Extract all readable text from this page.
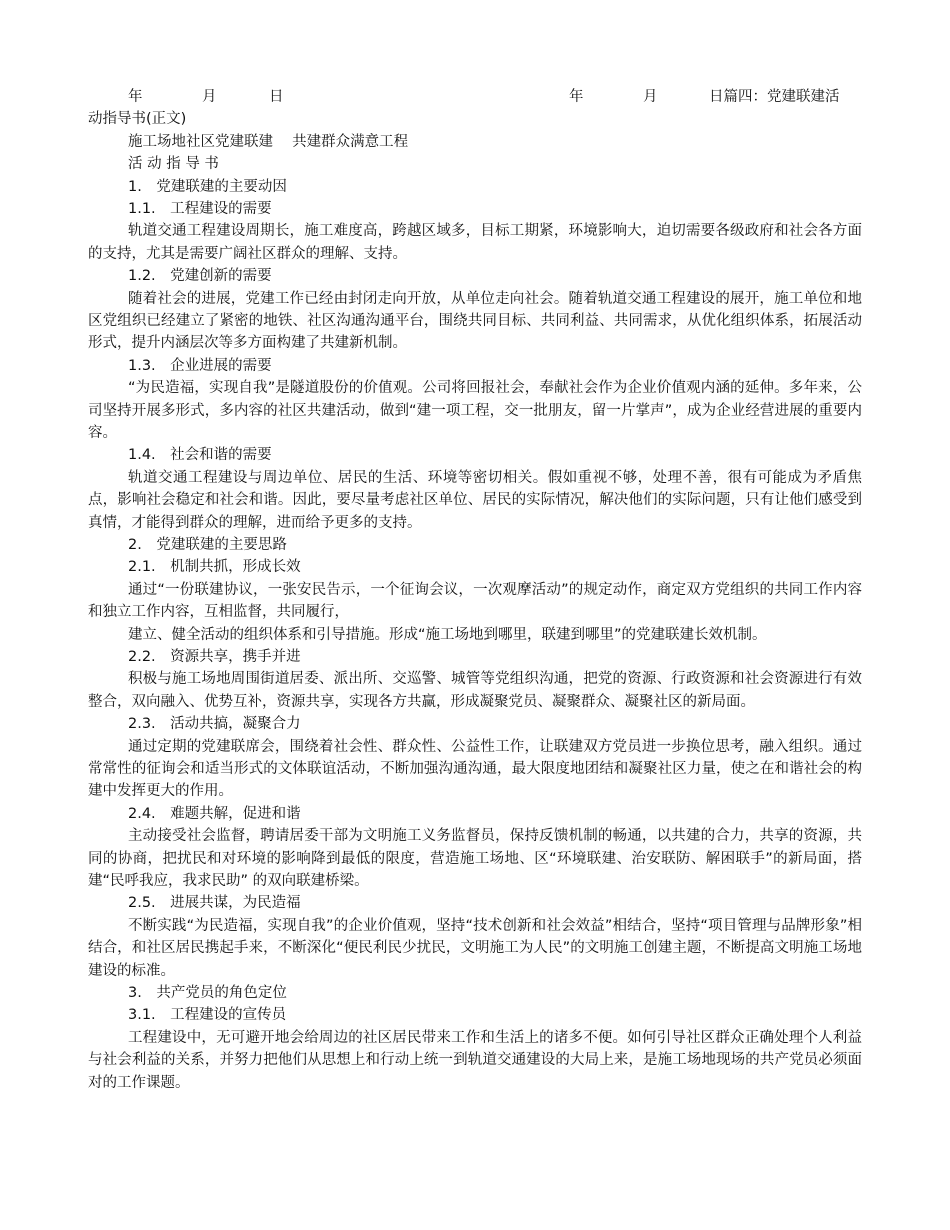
年	月	日	年	月	日篇四：党建联建活
动指导书(正文)
施工场地社区党建联建　 共建群众满意工程
活 动 指 导 书
1.　党建联建的主要动因
1.1.　工程建设的需要

轨道交通工程建设周期长，施工难度高，跨越区域多，目标工期紧，环境影响大，迫切需要各级政府和社会各方面的支持，尤其是需要广阔社区群众的理解、支持。

1.2.　党建创新的需要

随着社会的进展，党建工作已经由封闭走向开放，从单位走向社会。随着轨道交通工程建设的展开，施工单位和地区党组织已经建立了紧密的地铁、社区沟通沟通平台，围绕共同目标、共同利益、共同需求，从优化组织体系，拓展活动形式，提升内涵层次等多方面构建了共建新机制。

1.3.　企业进展的需要

“为民造福，实现自我”是隧道股份的价值观。公司将回报社会，奉献社会作为企业价值观内涵的延伸。多年来，公司坚持开展多形式，多内容的社区共建活动，做到“建一项工程，交一批朋友，留一片掌声”，成为企业经营进展的重要内容。

1.4.　社会和谐的需要

轨道交通工程建设与周边单位、居民的生活、环境等密切相关。假如重视不够，处理不善，很有可能成为矛盾焦点，影响社会稳定和社会和谐。因此，要尽量考虑社区单位、居民的实际情况，解决他们的实际问题，只有让他们感受到真情，才能得到群众的理解，进而给予更多的支持。

2.　党建联建的主要思路
2.1.　机制共抓，形成长效

通过“一份联建协议，一张安民告示，一个征询会议，一次观摩活动”的规定动作，商定双方党组织的共同工作内容和独立工作内容，互相监督，共同履行，

建立、健全活动的组织体系和引导措施。形成“施工场地到哪里，联建到哪里”的党建联建长效机制。

2.2.　资源共享，携手并进

积极与施工场地周围街道居委、派出所、交巡警、城管等党组织沟通，把党的资源、行政资源和社会资源进行有效整合，双向融入、优势互补，资源共享，实现各方共赢，形成凝聚党员、凝聚群众、凝聚社区的新局面。

2.3.　活动共搞，凝聚合力

通过定期的党建联席会，围绕着社会性、群众性、公益性工作，让联建双方党员进一步换位思考，融入组织。通过常常性的征询会和适当形式的文体联谊活动，不断加强沟通沟通，最大限度地团结和凝聚社区力量，使之在和谐社会的构建中发挥更大的作用。

2.4.　难题共解，促进和谐

主动接受社会监督，聘请居委干部为文明施工义务监督员，保持反馈机制的畅通，以共建的合力，共享的资源，共同的协商，把扰民和对环境的影响降到最低的限度，营造施工场地、区“环境联建、治安联防、解困联手”的新局面，搭建“民呼我应，我求民助” 的双向联建桥梁。

2.5.　进展共谋，为民造福

不断实践“为民造福，实现自我”的企业价值观，坚持“技术创新和社会效益”相结合，坚持“项目管理与品牌形象”相结合，和社区居民携起手来，不断深化“便民利民少扰民，文明施工为人民”的文明施工创建主题，不断提高文明施工场地建设的标准。

3.　共产党员的角色定位
3.1.　工程建设的宣传员

工程建设中，无可避开地会给周边的社区居民带来工作和生活上的诸多不便。如何引导社区群众正确处理个人利益与社会利益的关系，并努力把他们从思想上和行动上统一到轨道交通建设的大局上来，是施工场地现场的共产党员必须面对的工作课题。
